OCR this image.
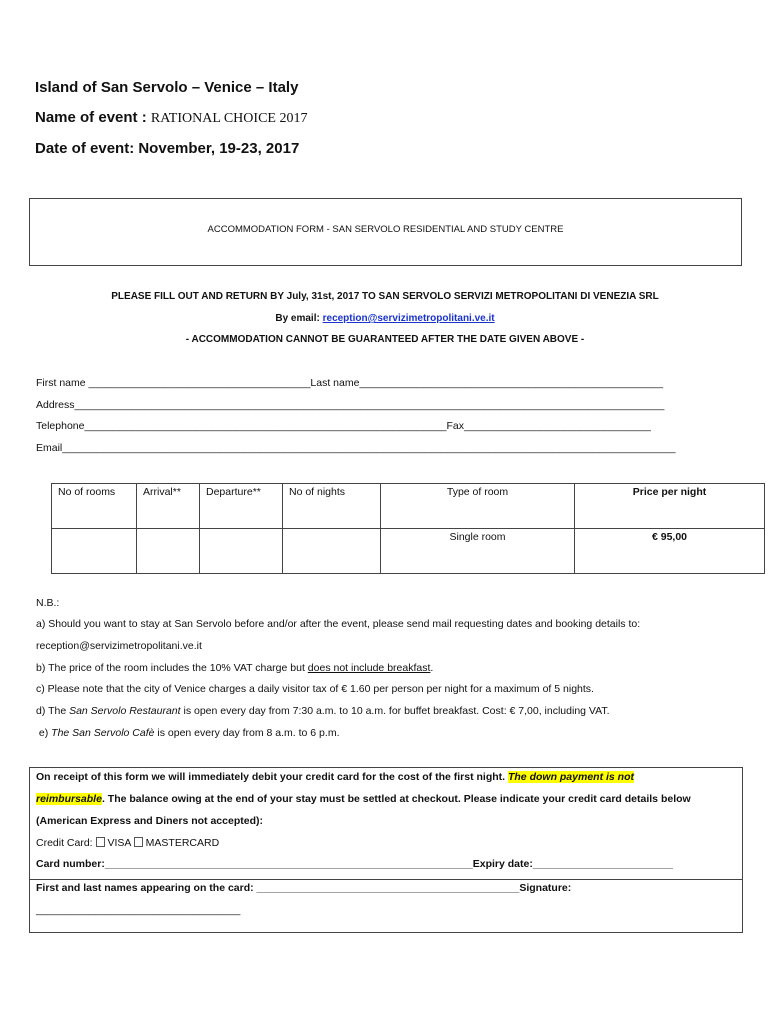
Island of San Servolo – Venice – Italy
Name of event : RATIONAL CHOICE 2017
Date of event: November, 19-23, 2017
ACCOMMODATION FORM - SAN SERVOLO RESIDENTIAL AND STUDY CENTRE
PLEASE FILL OUT AND RETURN BY July, 31st, 2017 TO SAN SERVOLO SERVIZI METROPOLITANI DI VENEZIA SRL
By email: reception@servizimetropolitani.ve.it
- ACCOMMODATION CANNOT BE GUARANTEED AFTER THE DATE GIVEN ABOVE -
First name ______________________________________Last name____________________________________________________
Address_____________________________________________________________________________________________________
Telephone______________________________________________________________Fax________________________________
Email_________________________________________________________________________________________________________
No of rooms	Arrival**	Departure**	No of nights	Type of room	Price per night
				Single room	€ 95,00
N.B.:
a) Should you want to stay at San Servolo before and/or after the event, please send mail requesting dates and booking details to:
reception@servizimetropolitani.ve.it
b) The price of the room includes the 10% VAT charge but does not include breakfast.
c) Please note that the city of Venice charges a daily visitor tax of € 1.60 per person per night for a maximum of 5 nights.
d) The San Servolo Restaurant is open every day from 7:30 a.m. to 10 a.m. for buffet breakfast. Cost: € 7,00, including VAT.
e) The San Servolo Cafè is open every day from 8 a.m. to 6 p.m.
On receipt of this form we will immediately debit your credit card for the cost of the first night. The down payment is not
reimbursable. The balance owing at the end of your stay must be settled at checkout. Please indicate your credit card details below
(American Express and Diners not accepted):
Credit Card: VISA MASTERCARD
Card number:_______________________________________________________________Expiry date:________________________
First and last names appearing on the card: _____________________________________________Signature:
___________________________________
